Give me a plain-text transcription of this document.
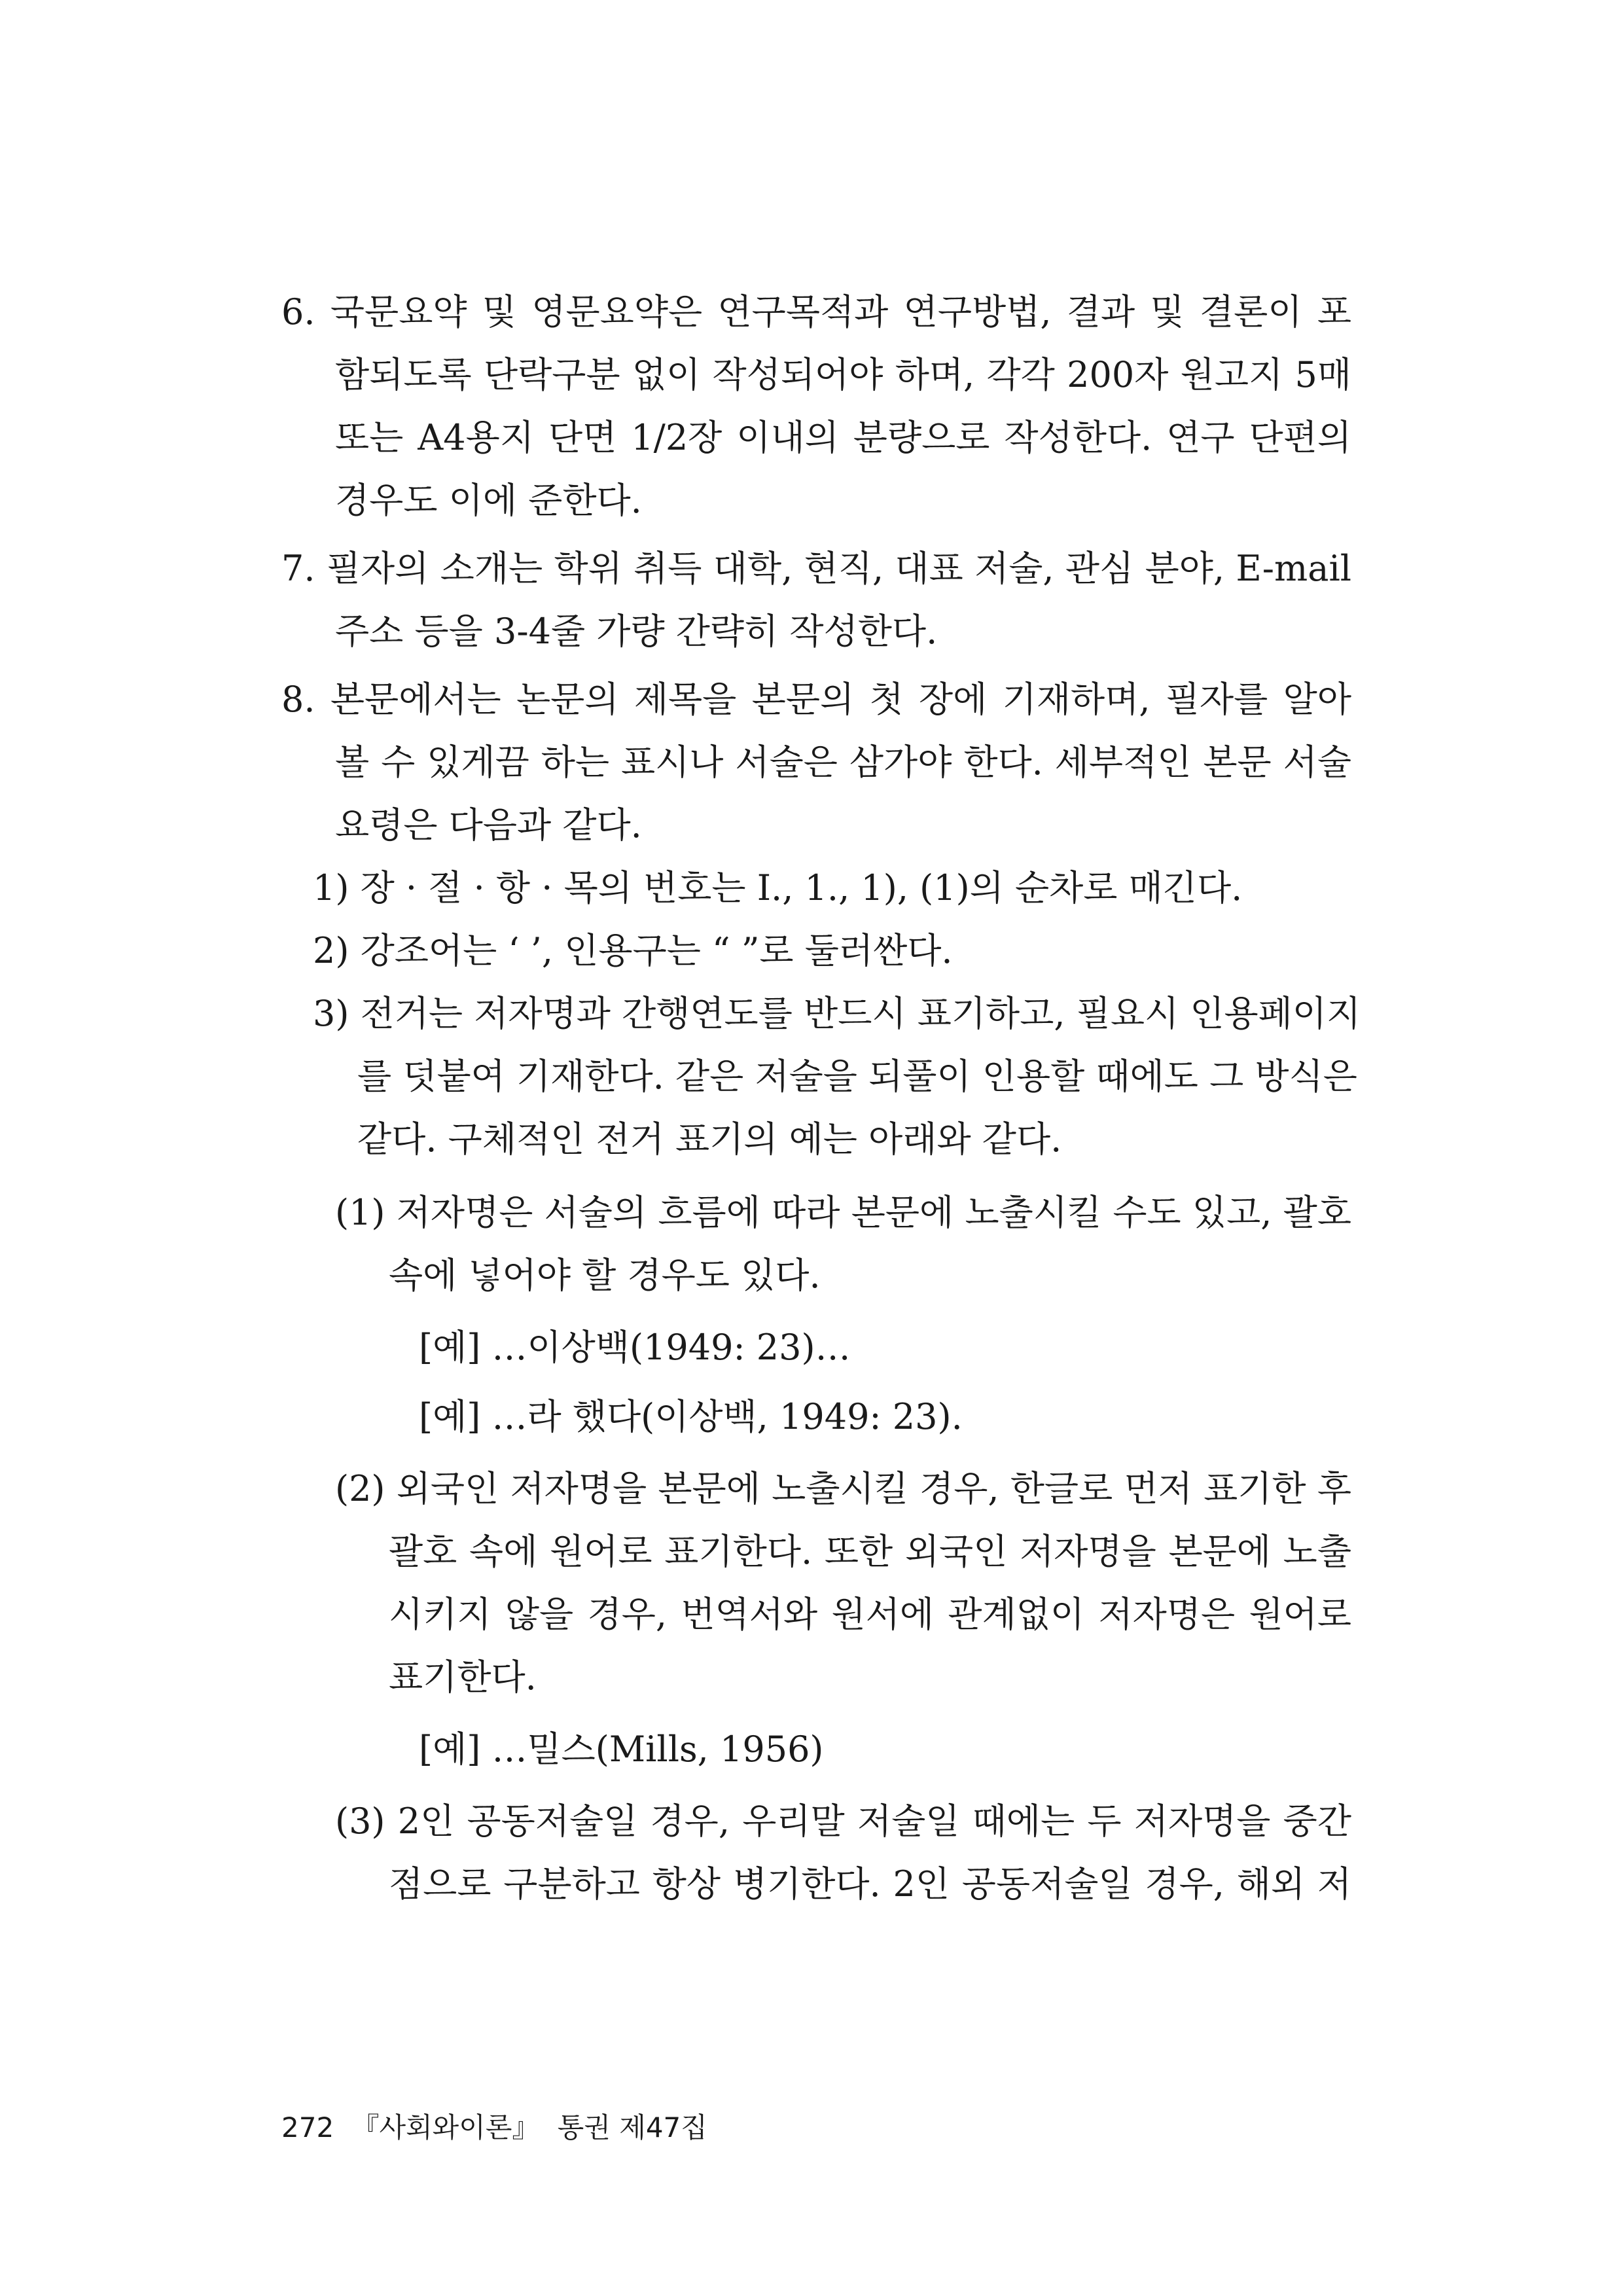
6. 국문요약 및 영문요약은 연구목적과 연구방법, 결과 및 결론이 포
함되도록 단락구분 없이 작성되어야 하며, 각각 200자 원고지 5매
또는 A4용지 단면 1/2장 이내의 분량으로 작성한다. 연구 단편의
경우도 이에 준한다.
7. 필자의 소개는 학위 취득 대학, 현직, 대표 저술, 관심 분야, E-mail
주소 등을 3-4줄 가량 간략히 작성한다.
8. 본문에서는 논문의 제목을 본문의 첫 장에 기재하며, 필자를 알아
볼 수 있게끔 하는 표시나 서술은 삼가야 한다. 세부적인 본문 서술
요령은 다음과 같다.
1) 장 · 절 · 항 · 목의 번호는 Ⅰ., 1., 1), (1)의 순차로 매긴다.
2) 강조어는 ‘ ’, 인용구는 “ ”로 둘러싼다.
3) 전거는 저자명과 간행연도를 반드시 표기하고, 필요시 인용페이지
를 덧붙여 기재한다. 같은 저술을 되풀이 인용할 때에도 그 방식은
같다. 구체적인 전거 표기의 예는 아래와 같다.
(1) 저자명은 서술의 흐름에 따라 본문에 노출시킬 수도 있고, 괄호
속에 넣어야 할 경우도 있다.
[예] …이상백(1949: 23)…
[예] …라 했다(이상백, 1949: 23).
(2) 외국인 저자명을 본문에 노출시킬 경우, 한글로 먼저 표기한 후
괄호 속에 원어로 표기한다. 또한 외국인 저자명을 본문에 노출
시키지 않을 경우, 번역서와 원서에 관계없이 저자명은 원어로
표기한다.
[예] …밀스(Mills, 1956)
(3) 2인 공동저술일 경우, 우리말 저술일 때에는 두 저자명을 중간
점으로 구분하고 항상 병기한다. 2인 공동저술일 경우, 해외 저
272 『사회와이론』 통권 제47집
